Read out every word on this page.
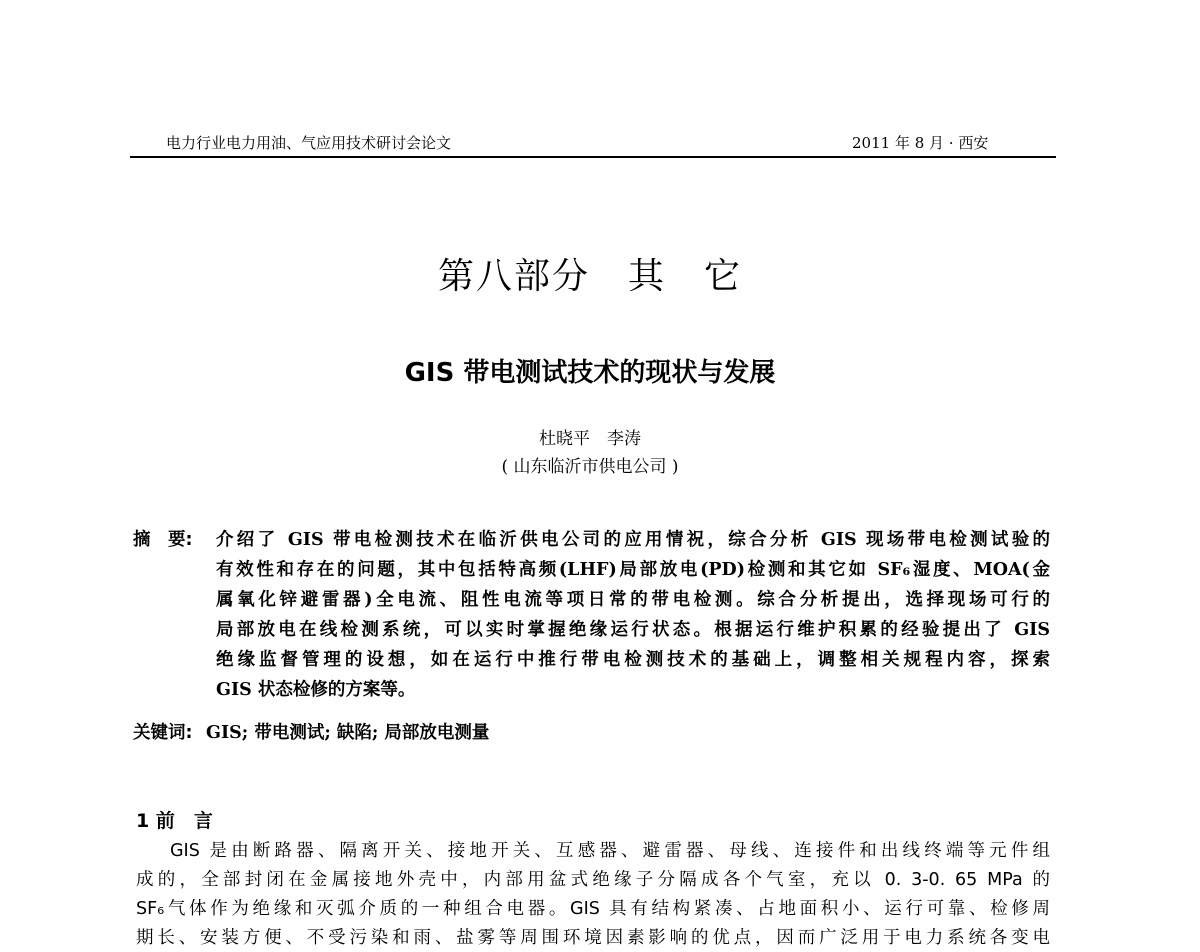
电力行业电力用油、气应用技术研讨会论文	2011 年 8 月 · 西安
第八部分　其　它
GIS 带电测试技术的现状与发展
杜晓平　李涛
( 山东临沂市供电公司 )
摘　要: 介绍了 GIS 带电检测技术在临沂供电公司的应用情祝，综合分析 GIS 现场带电检测试验的
有效性和存在的问题，其中包括特高频(LHF)局部放电(PD)检测和其它如 SF₆湿度、MOA(金
属氧化锌避雷器)全电流、阻性电流等项日常的带电检测。综合分析提出，选择现场可行的
局部放电在线检测系统，可以实时掌握绝缘运行状态。根据运行维护积累的经验提出了 GIS
绝缘监督管理的设想，如在运行中推行带电检测技术的基础上，调整相关规程内容，探索
GIS 状态检修的方案等。
关键词: GIS; 带电测试; 缺陷; 局部放电测量
1 前　言
GIS 是由断路器、隔离开关、接地开关、互感器、避雷器、母线、连接件和出线终端等元件组
成的，全部封闭在金属接地外壳中，内部用盆式绝缘子分隔成各个气室，充以 0. 3-0. 65 MPa 的
SF₆气体作为绝缘和灭弧介质的一种组合电器。GIS 具有结构紧凑、占地面积小、运行可靠、检修周
期长、安装方便、不受污染和雨、盐雾等周围环境因素影响的优点，因而广泛用于电力系统各变电
